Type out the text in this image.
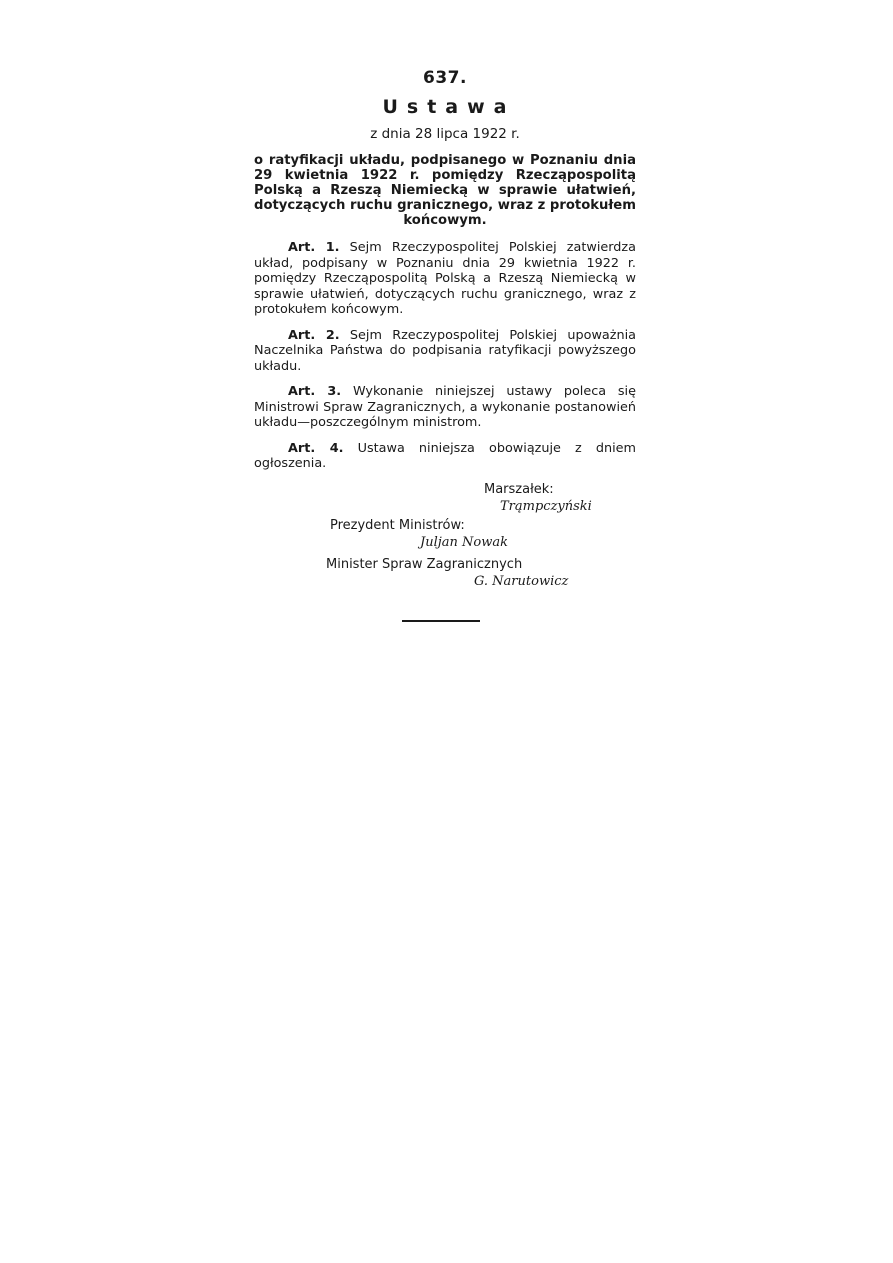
637.
Ustawa
z dnia 28 lipca 1922 r.
o ratyfikacji układu, podpisanego w Poznaniu dnia 29 kwietnia 1922 r. pomiędzy Rzecząpospolitą Polską a Rzeszą Niemiecką w sprawie ułatwień, dotyczących ruchu granicznego, wraz z protokułem końcowym.

Art. 1. Sejm Rzeczypospolitej Polskiej zatwierdza układ, podpisany w Poznaniu dnia 29 kwietnia 1922 r. pomiędzy Rzecząpospolitą Polską a Rzeszą Niemiecką w sprawie ułatwień, dotyczących ruchu granicznego, wraz z protokułem końcowym.

Art. 2. Sejm Rzeczypospolitej Polskiej upoważnia Naczelnika Państwa do podpisania ratyfikacji powyższego układu.

Art. 3. Wykonanie niniejszej ustawy poleca się Ministrowi Spraw Zagranicznych, a wykonanie postanowień układu—poszczególnym ministrom.

Art. 4. Ustawa niniejsza obowiązuje z dniem ogłoszenia.

Marszałek:
Trąmpczyński
Prezydent Ministrów:
Juljan Nowak
Minister Spraw Zagranicznych
G. Narutowicz
